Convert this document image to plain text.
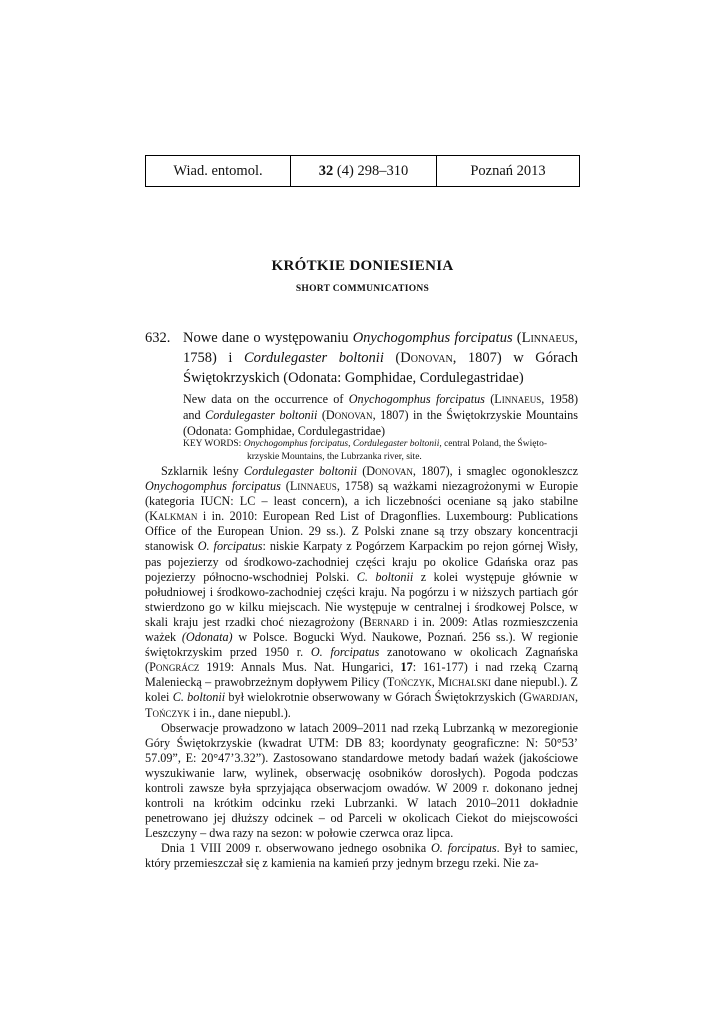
Wiad. entomol.	32 (4) 298–310	Poznań 2013
KRÓTKIE DONIESIENIA
SHORT COMMUNICATIONS
632. Nowe dane o występowaniu Onychogomphus forcipatus (Linnaeus, 1758) i Cordulegaster boltonii (Donovan, 1807) w Górach Świętokrzyskich (Odonata: Gomphidae, Cordulegastridae)
New data on the occurrence of Onychogomphus forcipatus (Linnaeus, 1958) and Cordulegaster boltonii (Donovan, 1807) in the Świętokrzyskie Mountains (Odonata: Gomphidae, Cordulegastridae)
KEY WORDS: Onychogomphus forcipatus, Cordulegaster boltonii, central Poland, the Święto-
krzyskie Mountains, the Lubrzanka river, site.

Szklarnik leśny Cordulegaster boltonii (Donovan, 1807), i smaglec ogonokleszcz Onychogomphus forcipatus (Linnaeus, 1758) są ważkami niezagrożonymi w Europie (kategoria IUCN: LC – least concern), a ich liczebności oceniane są jako stabilne (Kalkman i in. 2010: European Red List of Dragonflies. Luxembourg: Publications Office of the European Union. 29 ss.). Z Polski znane są trzy obszary koncentracji stanowisk O. forcipatus: niskie Karpaty z Pogórzem Karpackim po rejon górnej Wisły, pas pojezierzy od środkowo-zachodniej części kraju po okolice Gdańska oraz pas pojezierzy północno-wschodniej Polski. C. boltonii z kolei występuje głównie w południowej i środkowo-zachodniej części kraju. Na pogórzu i w niższych partiach gór stwierdzono go w kilku miejscach. Nie występuje w centralnej i środkowej Polsce, w skali kraju jest rzadki choć niezagrożony (Bernard i in. 2009: Atlas rozmieszczenia ważek (Odonata) w Polsce. Bogucki Wyd. Naukowe, Poznań. 256 ss.). W regionie świętokrzyskim przed 1950 r. O. forcipatus zanotowano w okolicach Zagnańska (Pongrácz 1919: Annals Mus. Nat. Hungarici, 17: 161-177) i nad rzeką Czarną Maleniecką – prawobrzeżnym dopływem Pilicy (Tończyk, Michalski dane niepubl.). Z kolei C. boltonii był wielokrotnie obserwowany w Górach Świętokrzyskich (Gwardjan, Tończyk i in., dane niepubl.).

Obserwacje prowadzono w latach 2009–2011 nad rzeką Lubrzanką w mezoregionie Góry Świętokrzyskie (kwadrat UTM: DB 83; koordynaty geograficzne: N: 50°53’ 57.09”, E: 20°47’3.32”). Zastosowano standardowe metody badań ważek (jakościowe wyszukiwanie larw, wylinek, obserwację osobników dorosłych). Pogoda podczas kontroli zawsze była sprzyjająca obserwacjom owadów. W 2009 r. dokonano jednej kontroli na krótkim odcinku rzeki Lubrzanki. W latach 2010–2011 dokładnie penetrowano jej dłuższy odcinek – od Parceli w okolicach Ciekot do miejscowości Leszczyny – dwa razy na sezon: w połowie czerwca oraz lipca.

Dnia 1 VIII 2009 r. obserwowano jednego osobnika O. forcipatus. Był to samiec, który przemieszczał się z kamienia na kamień przy jednym brzegu rzeki. Nie za-
